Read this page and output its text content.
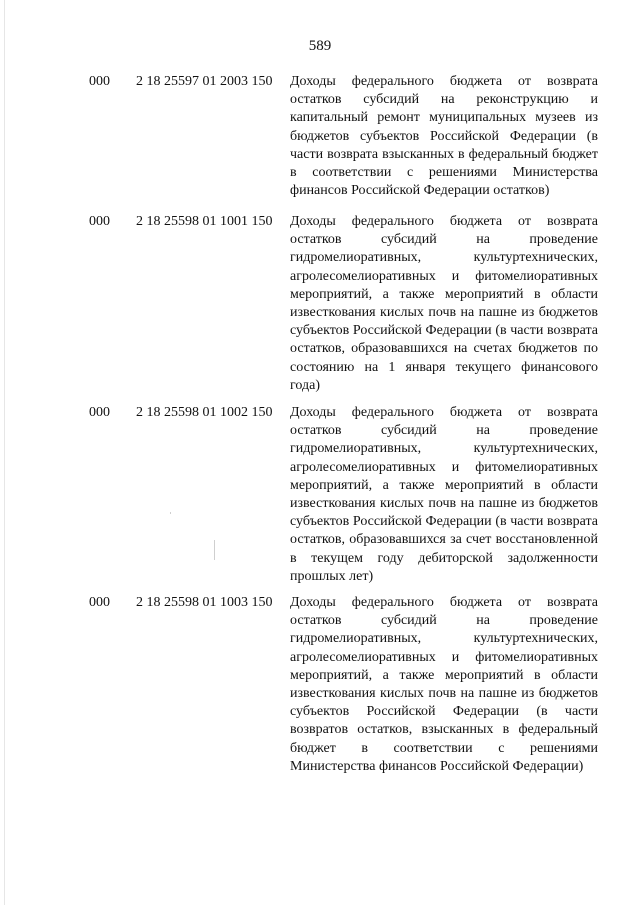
589
000 2 18 25597 01 2003 150 Доходы федерального бюджета от возврата остатков субсидий на реконструкцию и капитальный ремонт муниципальных музеев из бюджетов субъектов Российской Федерации (в части возврата взысканных в федеральный бюджет в соответствии с решениями Министерства финансов Российской Федерации остатков)
000 2 18 25598 01 1001 150 Доходы федерального бюджета от возврата остатков субсидий на проведение гидромелиоративных, культуртехнических, агролесомелиоративных и фитомелиоративных мероприятий, а также мероприятий в области известкования кислых почв на пашне из бюджетов субъектов Российской Федерации (в части возврата остатков, образовавшихся на счетах бюджетов по состоянию на 1 января текущего финансового года)
000 2 18 25598 01 1002 150 Доходы федерального бюджета от возврата остатков субсидий на проведение гидромелиоративных, культуртехнических, агролесомелиоративных и фитомелиоративных мероприятий, а также мероприятий в области известкования кислых почв на пашне из бюджетов субъектов Российской Федерации (в части возврата остатков, образовавшихся за счет восстановленной в текущем году дебиторской задолженности прошлых лет)
000 2 18 25598 01 1003 150 Доходы федерального бюджета от возврата остатков субсидий на проведение гидромелиоративных, культуртехнических, агролесомелиоративных и фитомелиоративных мероприятий, а также мероприятий в области известкования кислых почв на пашне из бюджетов субъектов Российской Федерации (в части возвратов остатков, взысканных в федеральный бюджет в соответствии с решениями Министерства финансов Российской Федерации)
